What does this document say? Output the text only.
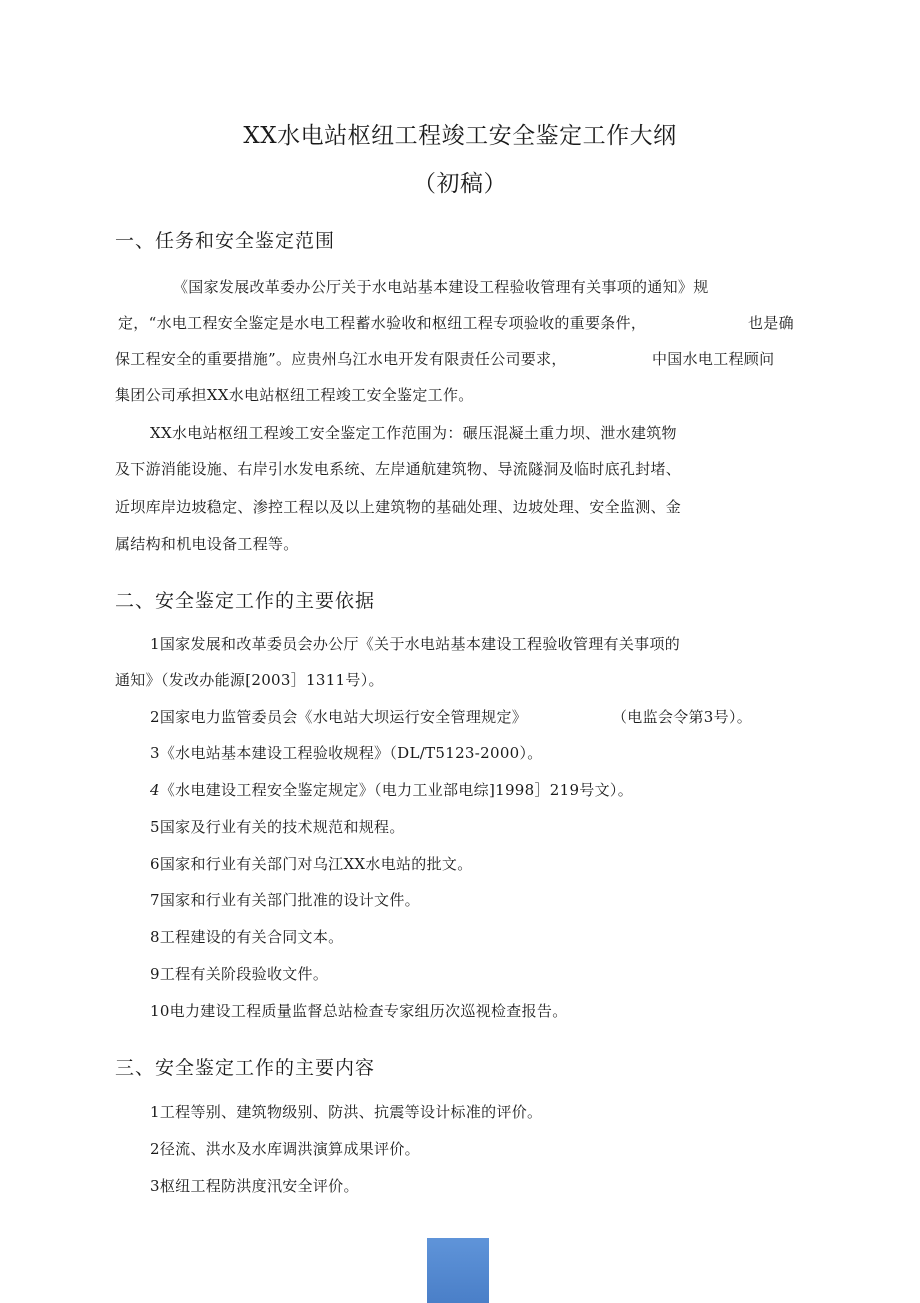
XX水电站枢纽工程竣工安全鉴定工作大纲
（初稿）
一、任务和安全鉴定范围
《国家发展改革委办公厅关于水电站基本建设工程验收管理有关事项的通知》规
定，“水电工程安全鉴定是水电工程蓄水验收和枢纽工程专项验收的重要条件，	也是确
保工程安全的重要措施”。应贵州乌江水电开发有限责任公司要求，	中国水电工程顾问
集团公司承担XX水电站枢纽工程竣工安全鉴定工作。
XX水电站枢纽工程竣工安全鉴定工作范围为：碾压混凝土重力坝、泄水建筑物
及下游消能设施、右岸引水发电系统、左岸通航建筑物、导流隧洞及临时底孔封堵、
近坝库岸边坡稳定、渗控工程以及以上建筑物的基础处理、边坡处理、安全监测、金
属结构和机电设备工程等。
二、安全鉴定工作的主要依据
1国家发展和改革委员会办公厅《关于水电站基本建设工程验收管理有关事项的
通知》（发改办能源[2003］1311号）。
2国家电力监管委员会《水电站大坝运行安全管理规定》	（电监会令第3号）。
3《水电站基本建设工程验收规程》（DL/T5123-2000）。
4《水电建设工程安全鉴定规定》（电力工业部电综]1998］219号文）。
5国家及行业有关的技术规范和规程。
6国家和行业有关部门对乌江XX水电站的批文。
7国家和行业有关部门批准的设计文件。
8工程建设的有关合同文本。
9工程有关阶段验收文件。
10电力建设工程质量监督总站检查专家组历次巡视检查报告。
三、安全鉴定工作的主要内容
1工程等别、建筑物级别、防洪、抗震等设计标准的评价。
2径流、洪水及水库调洪演算成果评价。
3枢纽工程防洪度汛安全评价。
